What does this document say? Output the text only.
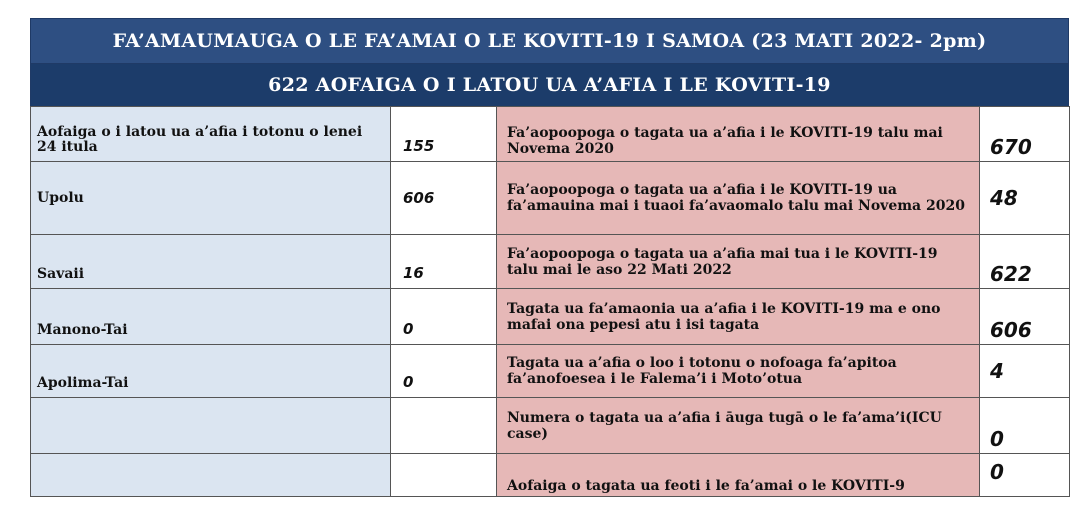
FA’AMAUMAUGA O LE FA’AMAI O LE KOVITI-19 I SAMOA (23 MATI 2022- 2pm)
622 AOFAIGA O I LATOU UA A’AFIA I LE KOVITI-19
Aofaiga o i latou ua a’afia i totonu o lenei 24 itula	155	Fa’aopoopoga o tagata ua a’afia i le KOVITI-19 talu mai Novema 2020	670
Upolu	606	Fa’aopoopoga o tagata ua a’afia i le KOVITI-19 ua fa’amauina mai i tuaoi fa’avaomalo talu mai Novema 2020	48
Savaii	16	Fa’aopoopoga o tagata ua a’afia mai tua i le KOVITI-19 talu mai le aso 22 Mati 2022	622
Manono-Tai	0	Tagata ua fa’amaonia ua a’afia i le KOVITI-19 ma e ono mafai ona pepesi atu i isi tagata	606
Apolima-Tai	0	Tagata ua a’afia o loo i totonu o nofoaga fa’apitoa fa’anofoesea i le Falema’i i Moto’otua	4
		Numera o tagata ua a’afia i āuga tugā o le fa’ama’i(ICU case)	0
		Aofaiga o tagata ua feoti i le fa’amai o le KOVITI-9	0
